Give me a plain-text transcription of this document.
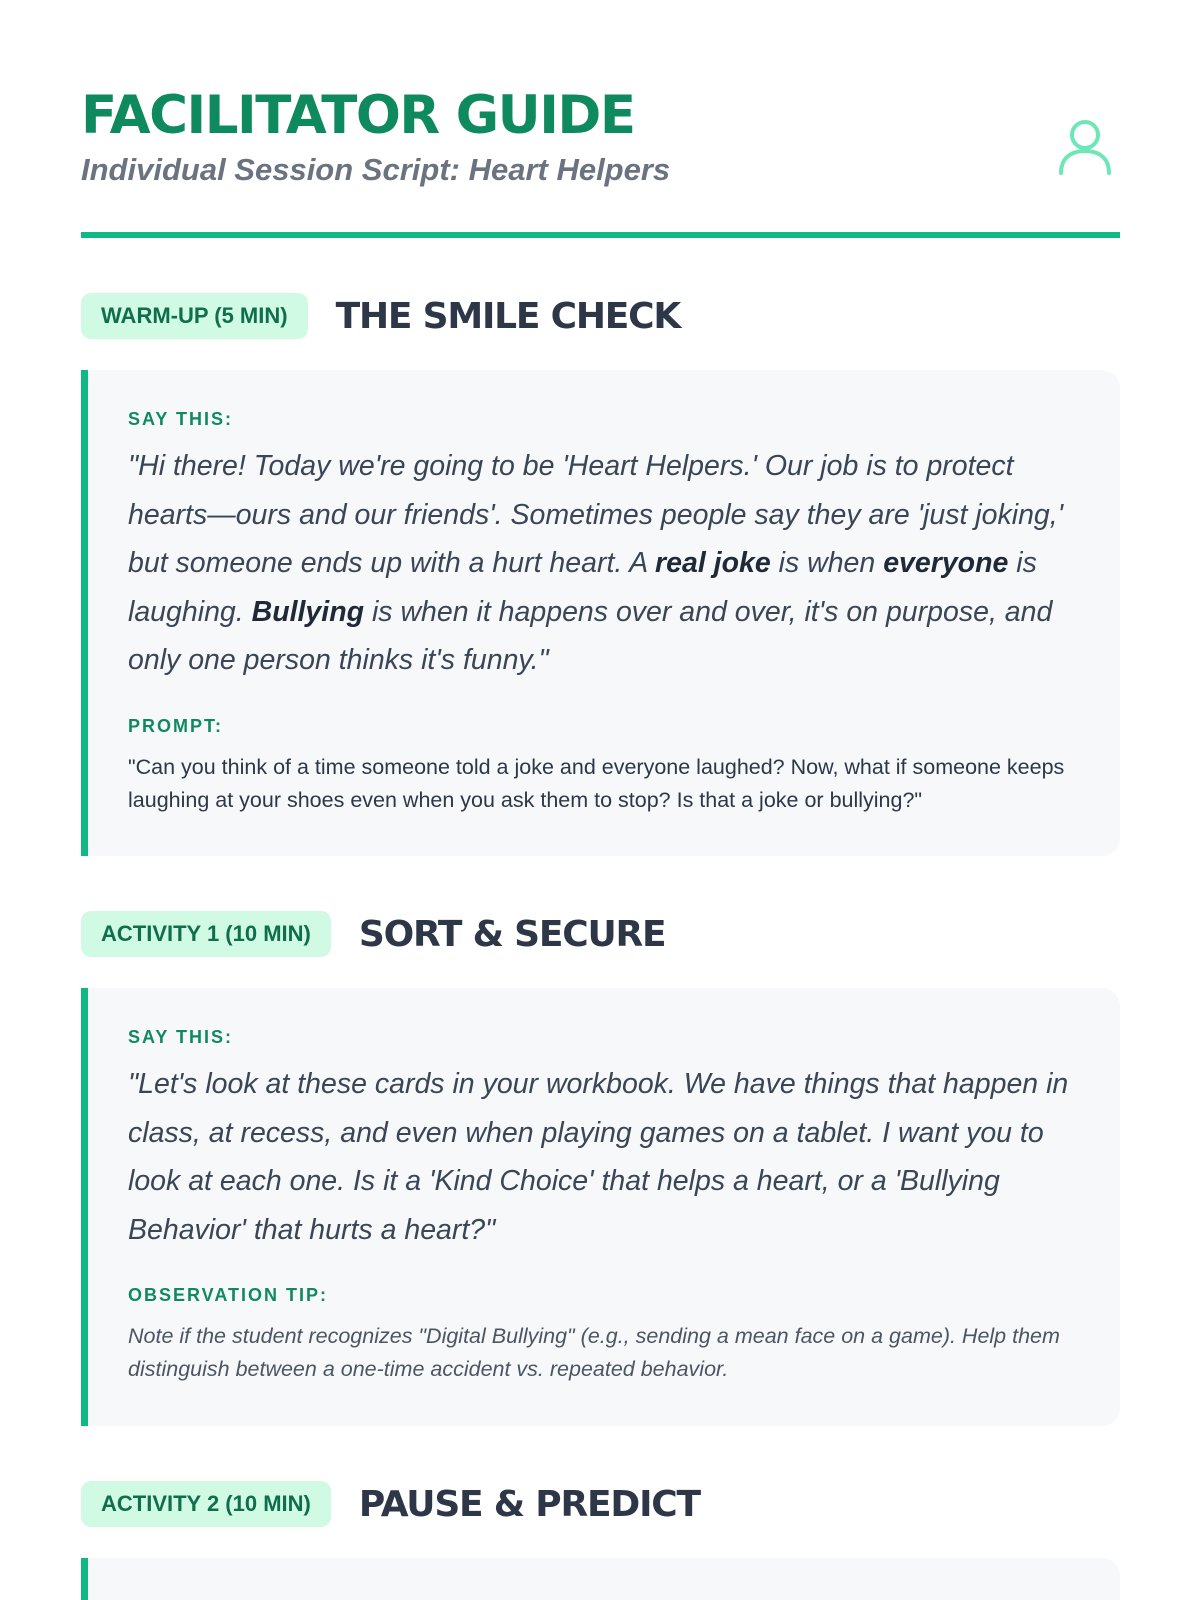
FACILITATOR GUIDE
Individual Session Script: Heart Helpers
WARM-UP (5 MIN)	THE SMILE CHECK
SAY THIS:

"Hi there! Today we're going to be 'Heart Helpers.' Our job is to protect hearts—ours and our friends'. Sometimes people say they are 'just joking,' but someone ends up with a hurt heart. A real joke is when everyone is laughing. Bullying is when it happens over and over, it's on purpose, and only one person thinks it's funny."

PROMPT:

"Can you think of a time someone told a joke and everyone laughed? Now, what if someone keeps laughing at your shoes even when you ask them to stop? Is that a joke or bullying?"

ACTIVITY 1 (10 MIN)	SORT & SECURE
SAY THIS:

"Let's look at these cards in your workbook. We have things that happen in class, at recess, and even when playing games on a tablet. I want you to look at each one. Is it a 'Kind Choice' that helps a heart, or a 'Bullying Behavior' that hurts a heart?"

OBSERVATION TIP:

Note if the student recognizes "Digital Bullying" (e.g., sending a mean face on a game). Help them distinguish between a one-time accident vs. repeated behavior.

ACTIVITY 2 (10 MIN)	PAUSE & PREDICT
